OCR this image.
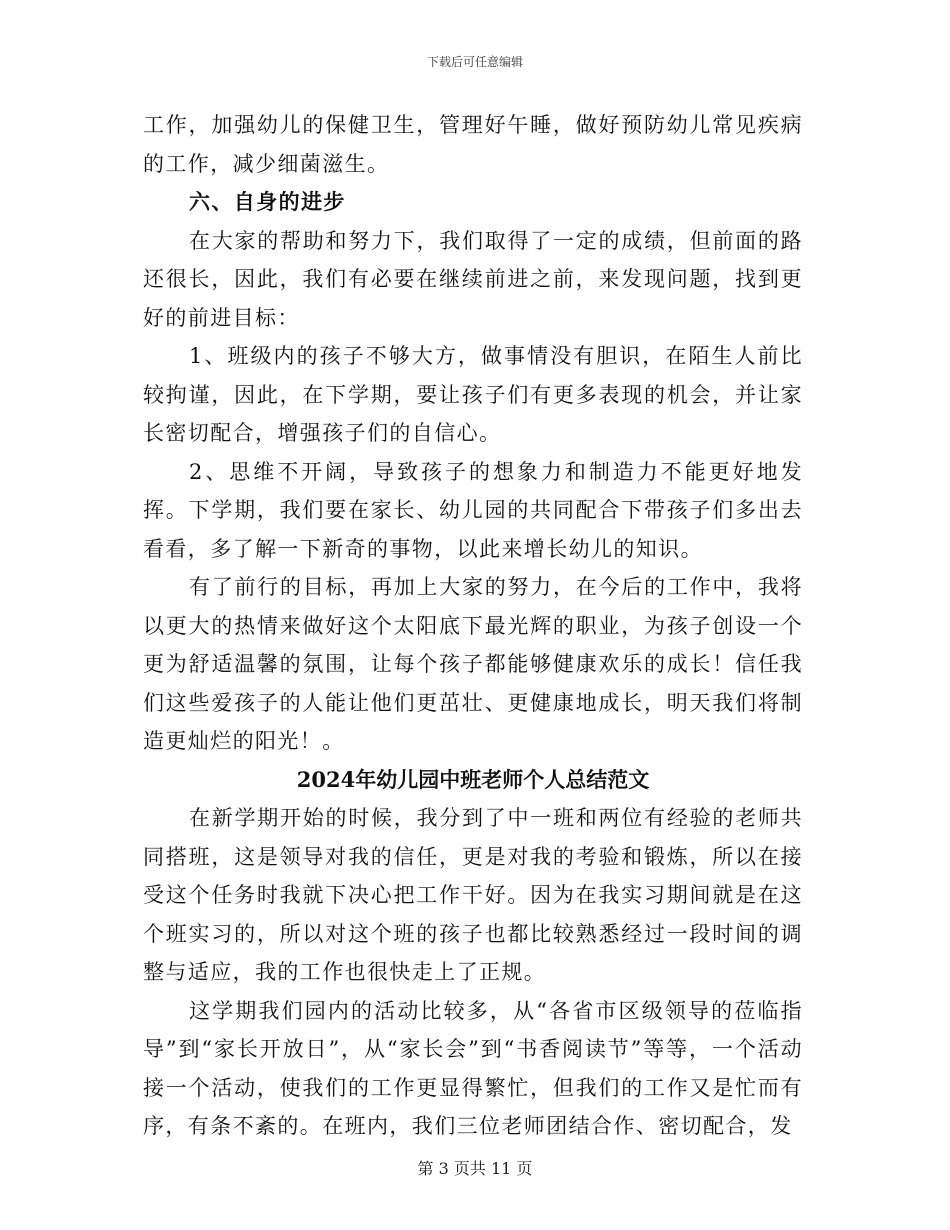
下载后可任意编辑

工作，加强幼儿的保健卫生，管理好午睡，做好预防幼儿常见疾病的工作，减少细菌滋生。

六、自身的进步

在大家的帮助和努力下，我们取得了一定的成绩，但前面的路还很长，因此，我们有必要在继续前进之前，来发现问题，找到更好的前进目标：

1、班级内的孩子不够大方，做事情没有胆识，在陌生人前比较拘谨，因此，在下学期，要让孩子们有更多表现的机会，并让家长密切配合，增强孩子们的自信心。

2、思维不开阔，导致孩子的想象力和制造力不能更好地发挥。下学期，我们要在家长、幼儿园的共同配合下带孩子们多出去看看，多了解一下新奇的事物，以此来增长幼儿的知识。

有了前行的目标，再加上大家的努力，在今后的工作中，我将以更大的热情来做好这个太阳底下最光辉的职业，为孩子创设一个更为舒适温馨的氛围，让每个孩子都能够健康欢乐的成长！信任我们这些爱孩子的人能让他们更茁壮、更健康地成长，明天我们将制造更灿烂的阳光！。

2024年幼儿园中班老师个人总结范文

在新学期开始的时候，我分到了中一班和两位有经验的老师共同搭班，这是领导对我的信任，更是对我的考验和锻炼，所以在接受这个任务时我就下决心把工作干好。因为在我实习期间就是在这个班实习的，所以对这个班的孩子也都比较熟悉经过一段时间的调整与适应，我的工作也很快走上了正规。

这学期我们园内的活动比较多，从“各省市区级领导的莅临指导”到“家长开放日”，从“家长会”到“书香阅读节”等等，一个活动接一个活动，使我们的工作更显得繁忙，但我们的工作又是忙而有序，有条不紊的。在班内，我们三位老师团结合作、密切配合，发

第 3 页共 11 页
